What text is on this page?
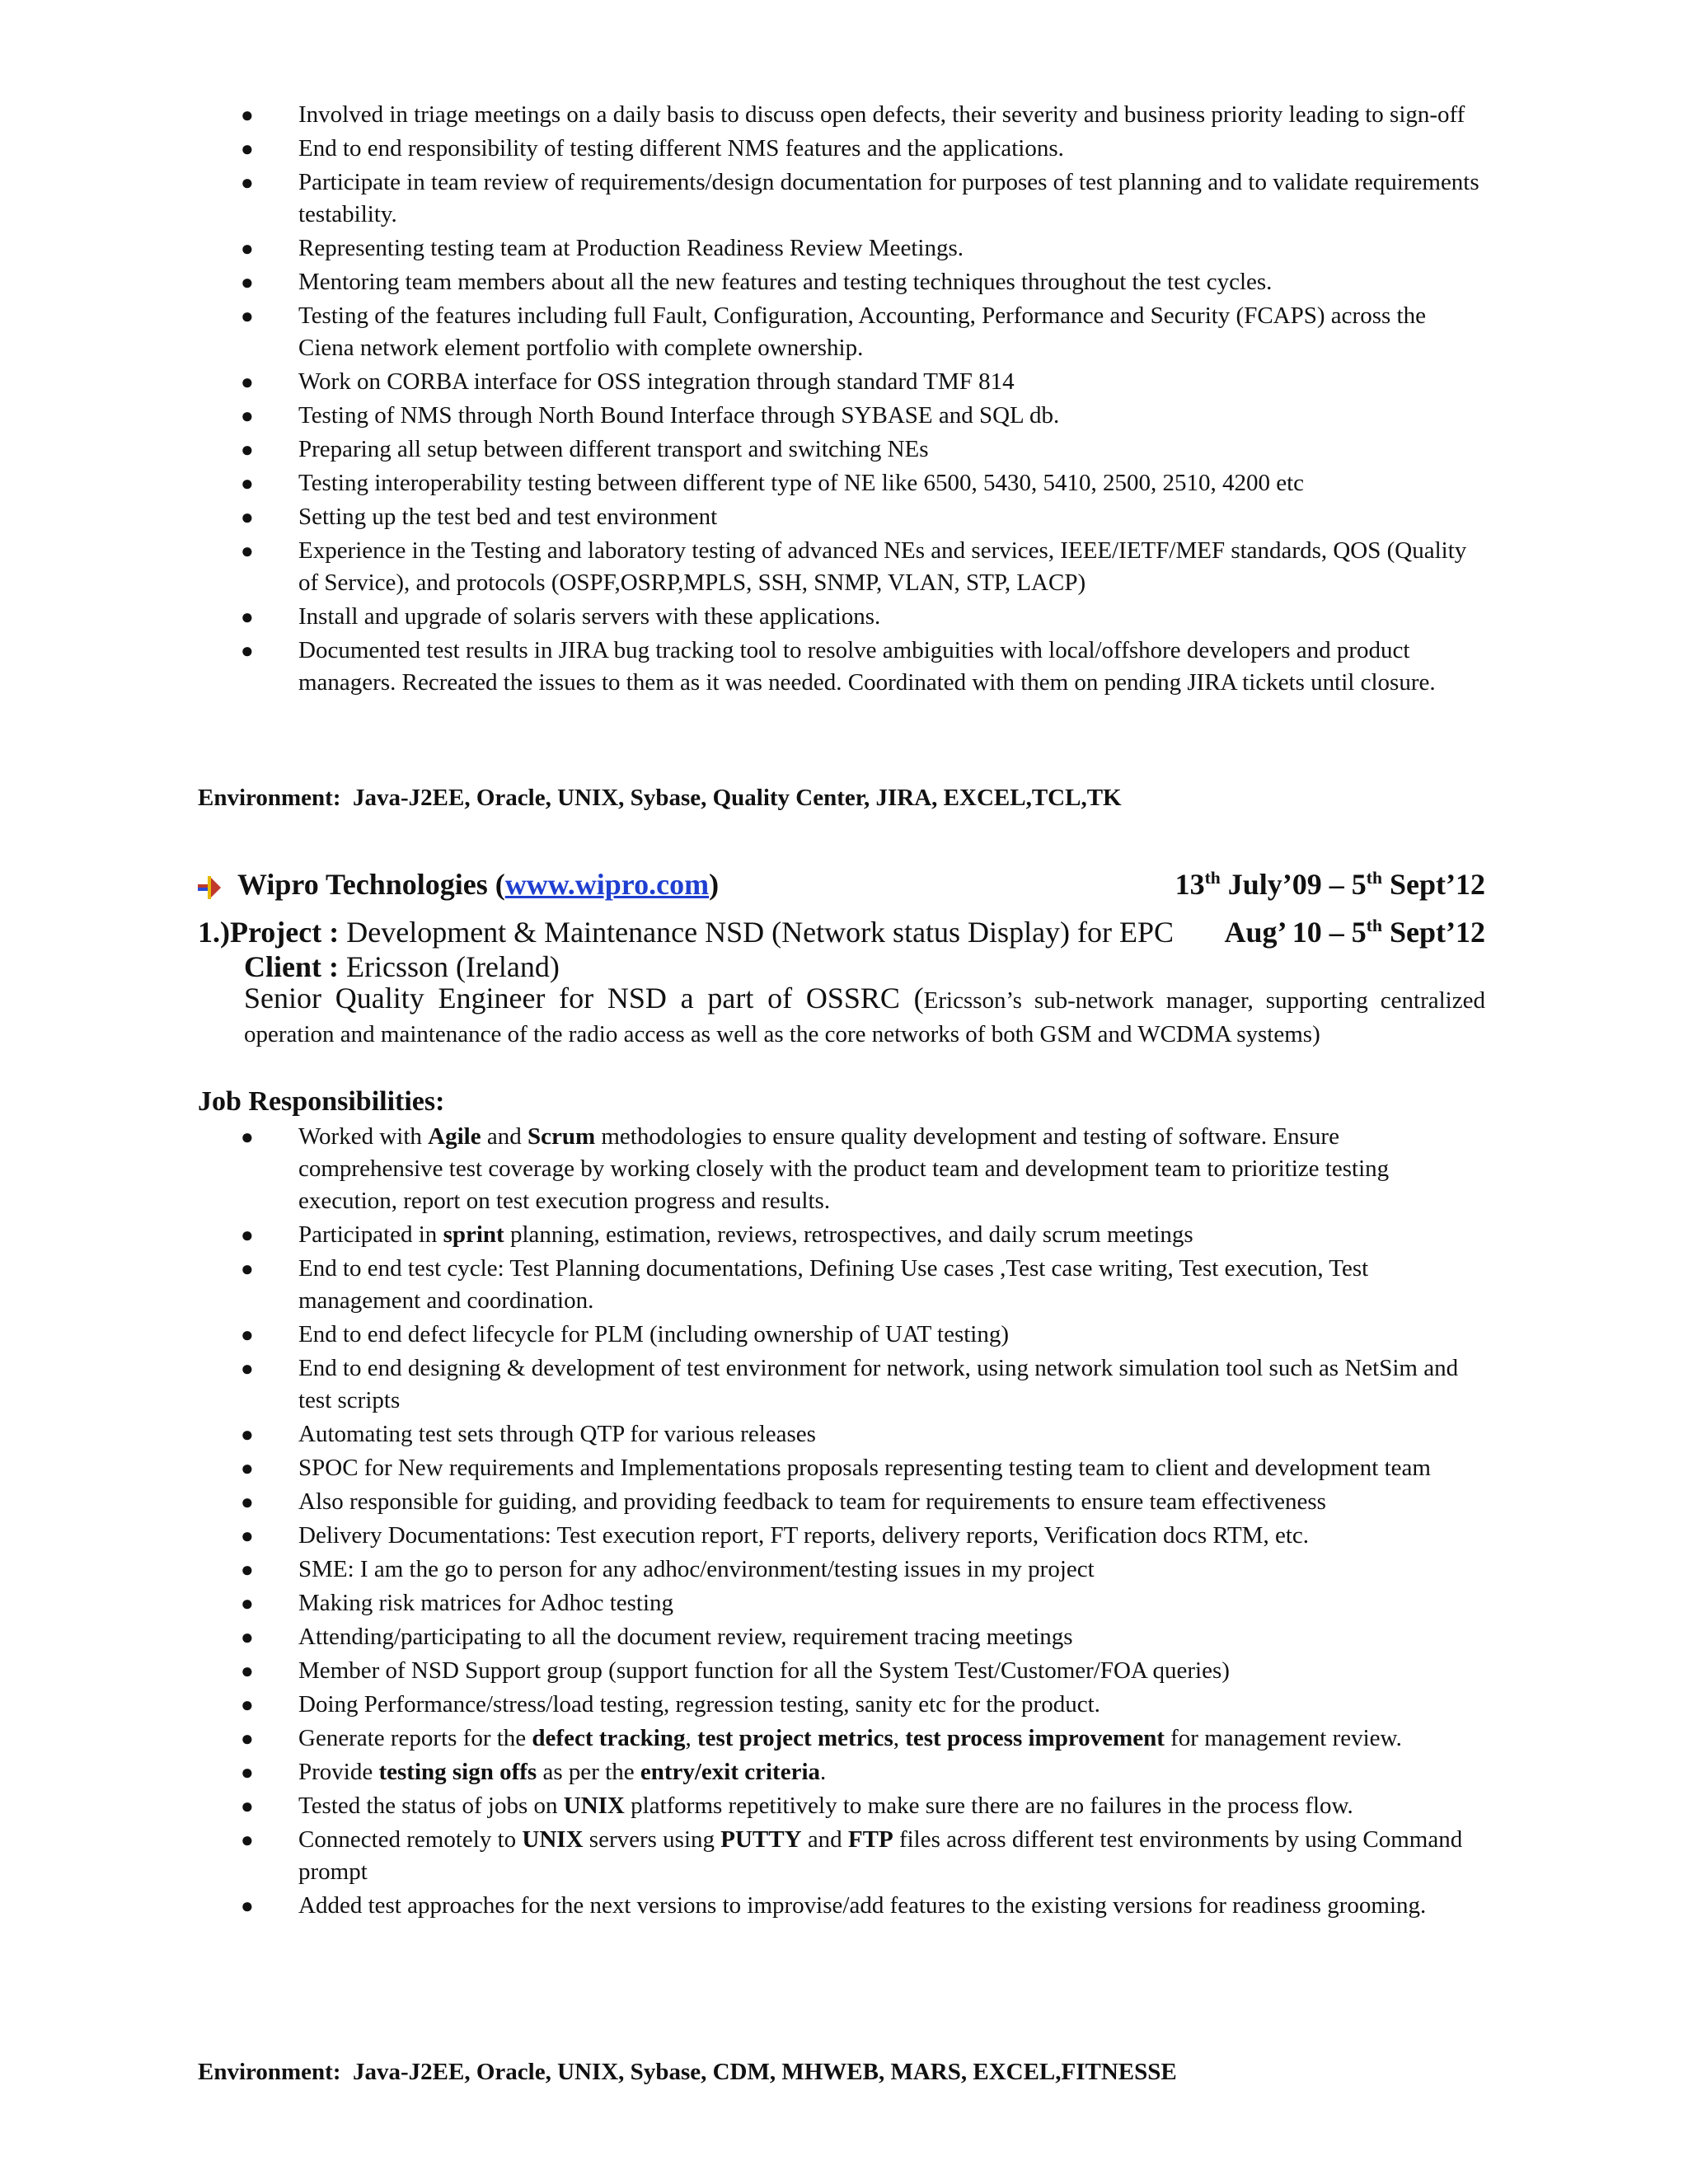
● Involved in triage meetings on a daily basis to discuss open defects, their severity and business priority leading to sign-off
● End to end responsibility of testing different NMS features and the applications.
● Participate in team review of requirements/design documentation for purposes of test planning and to validate requirements testability.
● Representing testing team at Production Readiness Review Meetings.
● Mentoring team members about all the new features and testing techniques throughout the test cycles.
● Testing of the features including full Fault, Configuration, Accounting, Performance and Security (FCAPS) across the Ciena network element portfolio with complete ownership.
● Work on CORBA interface for OSS integration through standard TMF 814
● Testing of NMS through North Bound Interface through SYBASE and SQL db.
● Preparing all setup between different transport and switching NEs
● Testing interoperability testing between different type of NE like 6500, 5430, 5410, 2500, 2510, 4200 etc
● Setting up the test bed and test environment
● Experience in the Testing and laboratory testing of advanced NEs and services, IEEE/IETF/MEF standards, QOS (Quality of Service), and protocols (OSPF,OSRP,MPLS, SSH, SNMP, VLAN, STP, LACP)
● Install and upgrade of solaris servers with these applications.
● Documented test results in JIRA bug tracking tool to resolve ambiguities with local/offshore developers and product managers. Recreated the issues to them as it was needed. Coordinated with them on pending JIRA tickets until closure.
Environment:  Java-J2EE, Oracle, UNIX, Sybase, Quality Center, JIRA, EXCEL,TCL,TK
Wipro Technologies (www.wipro.com)	13th July’09 – 5th Sept’12
1.)Project : Development & Maintenance NSD (Network status Display) for EPC Aug’ 10 – 5th Sept’12
Client : Ericsson (Ireland)
Senior Quality Engineer for NSD a part of OSSRC (Ericsson’s sub-network manager, supporting centralized operation and maintenance of the radio access as well as the core networks of both GSM and WCDMA systems)
Job Responsibilities:
● Worked with Agile and Scrum methodologies to ensure quality development and testing of software. Ensure comprehensive test coverage by working closely with the product team and development team to prioritize testing execution, report on test execution progress and results.
● Participated in sprint planning, estimation, reviews, retrospectives, and daily scrum meetings
● End to end test cycle: Test Planning documentations, Defining Use cases ,Test case writing, Test execution, Test management and coordination.
● End to end defect lifecycle for PLM (including ownership of UAT testing)
● End to end designing & development of test environment for network, using network simulation tool such as NetSim and test scripts
● Automating test sets through QTP for various releases
● SPOC for New requirements and Implementations proposals representing testing team to client and development team
● Also responsible for guiding, and providing feedback to team for requirements to ensure team effectiveness
● Delivery Documentations: Test execution report, FT reports, delivery reports, Verification docs RTM, etc.
● SME: I am the go to person for any adhoc/environment/testing issues in my project
● Making risk matrices for Adhoc testing
● Attending/participating to all the document review, requirement tracing meetings
● Member of NSD Support group (support function for all the System Test/Customer/FOA queries)
● Doing Performance/stress/load testing, regression testing, sanity etc for the product.
● Generate reports for the defect tracking, test project metrics, test process improvement for management review.
● Provide testing sign offs as per the entry/exit criteria.
● Tested the status of jobs on UNIX platforms repetitively to make sure there are no failures in the process flow.
● Connected remotely to UNIX servers using PUTTY and FTP files across different test environments by using Command prompt
● Added test approaches for the next versions to improvise/add features to the existing versions for readiness grooming.
Environment:  Java-J2EE, Oracle, UNIX, Sybase, CDM, MHWEB, MARS, EXCEL,FITNESSE
